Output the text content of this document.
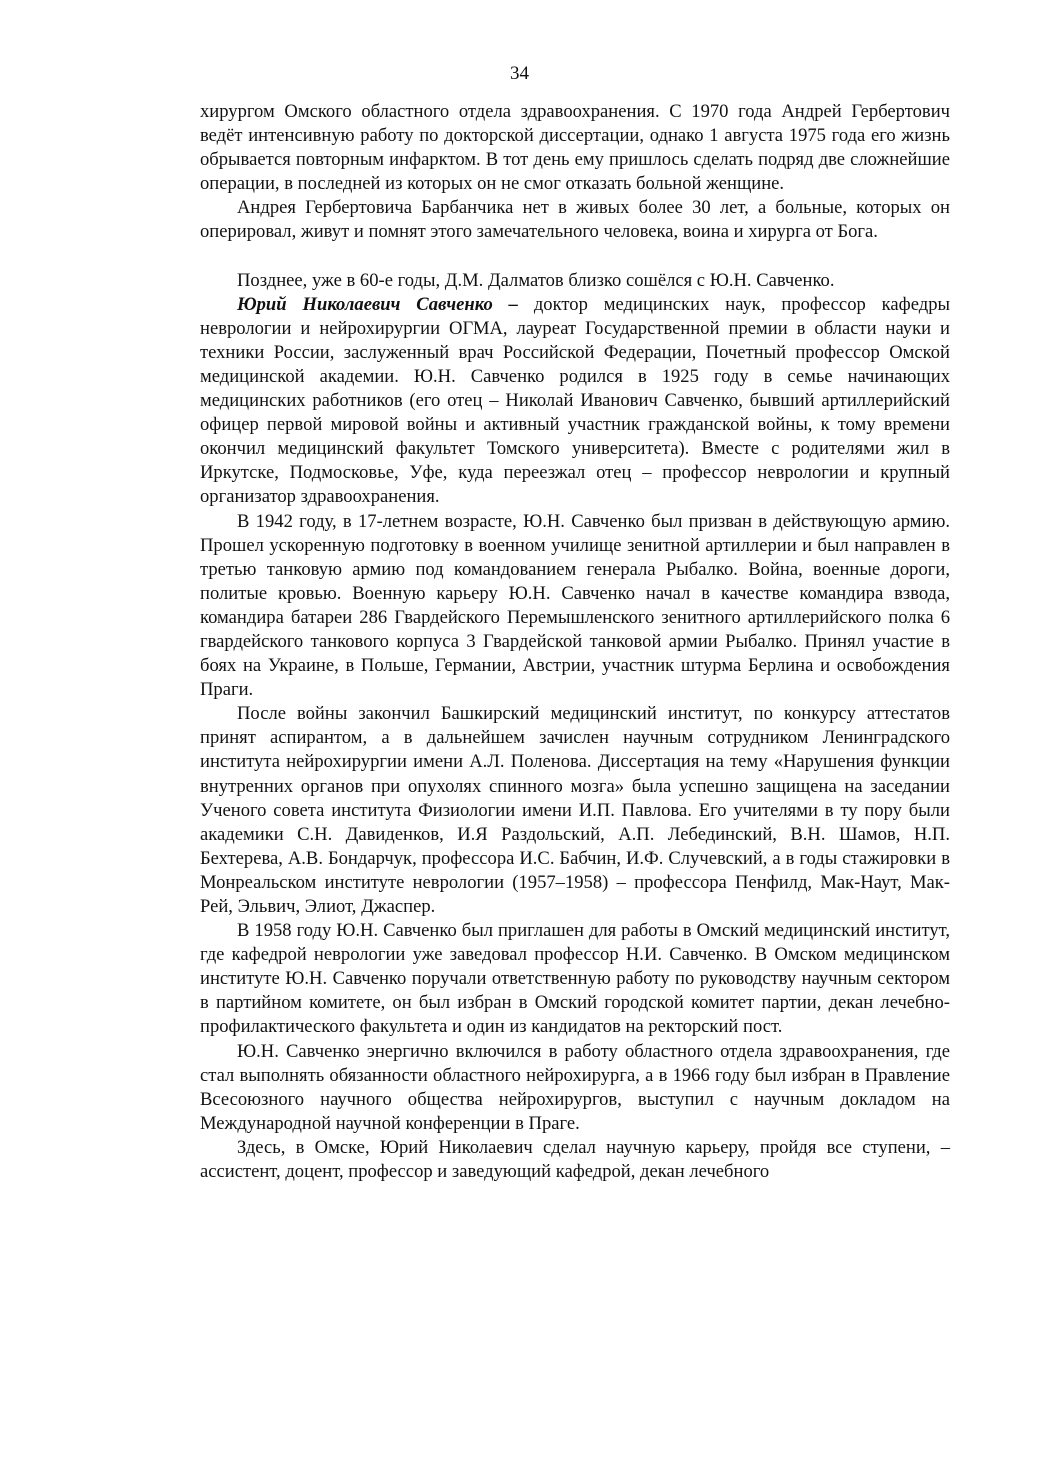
34

хирургом Омского областного отдела здравоохранения. С 1970 года Андрей Гербертович ведёт интенсивную работу по докторской диссертации, однако 1 августа 1975 года его жизнь обрывается повторным инфарктом. В тот день ему пришлось сделать подряд две сложнейшие операции, в последней из которых он не смог отказать больной женщине.

Андрея Гербертовича Барбанчика нет в живых более 30 лет, а больные, которых он оперировал, живут и помнят этого замечательного человека, воина и хирурга от Бога.

Позднее, уже в 60-е годы, Д.М. Далматов близко сошёлся с Ю.Н. Савченко.

Юрий Николаевич Савченко – доктор медицинских наук, профессор кафедры неврологии и нейрохирургии ОГМА, лауреат Государственной премии в области науки и техники России, заслуженный врач Российской Федерации, Почетный профессор Омской медицинской академии. Ю.Н. Савченко родился в 1925 году в семье начинающих медицинских работников (его отец – Николай Иванович Савченко, бывший артиллерийский офицер первой мировой войны и активный участник гражданской войны, к тому времени окончил медицинский факультет Томского университета). Вместе с родителями жил в Иркутске, Подмосковье, Уфе, куда переезжал отец – профессор неврологии и крупный организатор здравоохранения.

В 1942 году, в 17-летнем возрасте, Ю.Н. Савченко был призван в действующую армию. Прошел ускоренную подготовку в военном училище зенитной артиллерии и был направлен в третью танковую армию под командованием генерала Рыбалко. Война, военные дороги, политые кровью. Военную карьеру Ю.Н. Савченко начал в качестве командира взвода, командира батареи 286 Гвардейского Перемышленского зенитного артиллерийского полка 6 гвардейского танкового корпуса 3 Гвардейской танковой армии Рыбалко. Принял участие в боях на Украине, в Польше, Германии, Австрии, участник штурма Берлина и освобождения Праги.

После войны закончил Башкирский медицинский институт, по конкурсу аттестатов принят аспирантом, а в дальнейшем зачислен научным сотрудником Ленинградского института нейрохирургии имени А.Л. Поленова. Диссертация на тему «Нарушения функции внутренних органов при опухолях спинного мозга» была успешно защищена на заседании Ученого совета института Физиологии имени И.П. Павлова. Его учителями в ту пору были академики С.Н. Давиденков, И.Я Раздольский, А.П. Лебединский, В.Н. Шамов, Н.П. Бехтерева, А.В. Бондарчук, профессора И.С. Бабчин, И.Ф. Случевский, а в годы стажировки в Монреальском институте неврологии (1957–1958) – профессора Пенфилд, Мак-Наут, Мак-Рей, Эльвич, Элиот, Джаспер.

В 1958 году Ю.Н. Савченко был приглашен для работы в Омский медицинский институт, где кафедрой неврологии уже заведовал профессор Н.И. Савченко. В Омском медицинском институте Ю.Н. Савченко поручали ответственную работу по руководству научным сектором в партийном комитете, он был избран в Омский городской комитет партии, декан лечебно-профилактического факультета и один из кандидатов на ректорский пост.

Ю.Н. Савченко энергично включился в работу областного отдела здравоохранения, где стал выполнять обязанности областного нейрохирурга, а в 1966 году был избран в Правление Всесоюзного научного общества нейрохирургов, выступил с научным докладом на Международной научной конференции в Праге.

Здесь, в Омске, Юрий Николаевич сделал научную карьеру, пройдя все ступени, – ассистент, доцент, профессор и заведующий кафедрой, декан лечебного
